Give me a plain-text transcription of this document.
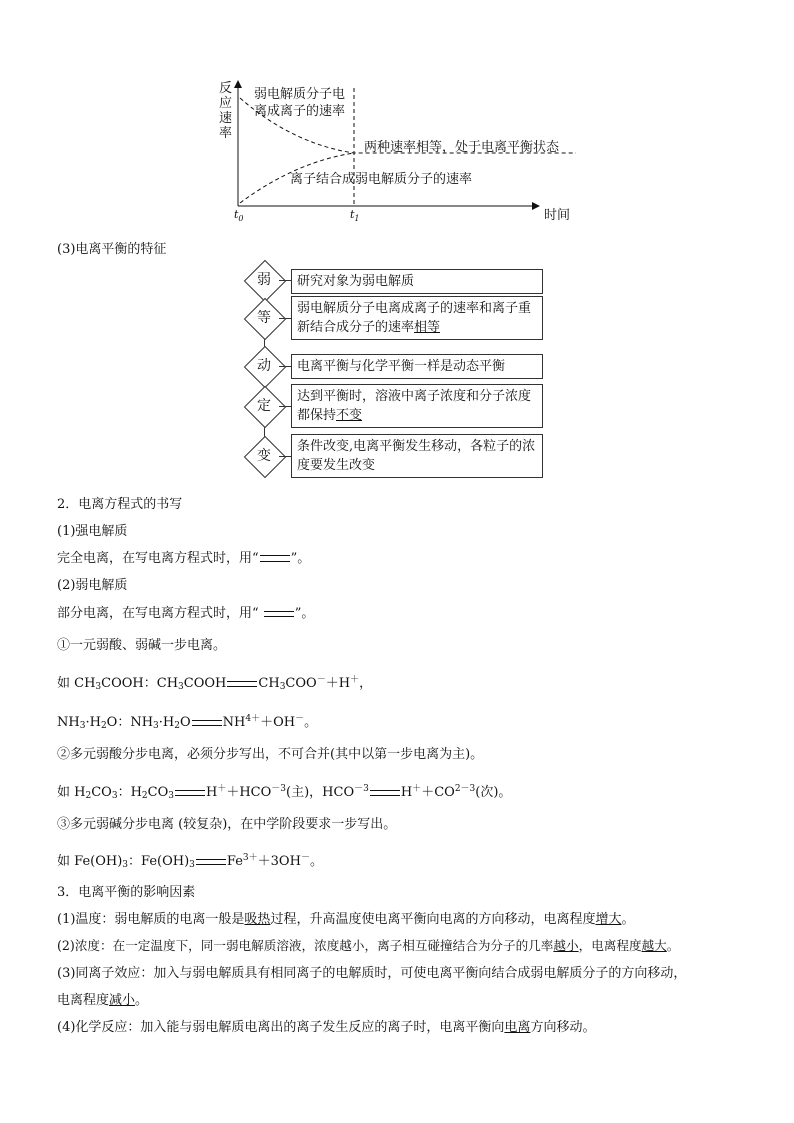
反
应
速
率
弱电解质分子电
离成离子的速率
两种速率相等，处于电离平衡状态
离子结合成弱电解质分子的速率
$t_0$	$t_1$	时间
(3)电离平衡的特征
弱	研究对象为弱电解质
等
弱电解质分子电离成离子的速率和离子重新结合成分子的速率相等
动	电离平衡与化学平衡一样是动态平衡
定
达到平衡时，溶液中离子浓度和分子浓度都保持不变
变
条件改变,电离平衡发生移动，各粒子的浓度要发生改变
2．电离方程式的书写
(1)强电解质
完全电离，在写电离方程式时，用“ ”。
(2)弱电解质
部分电离，在写电离方程式时，用“ ”。
①一元弱酸、弱碱一步电离。
如 $CH_3COOH$：$CH_3COOH$ $CH_3COO^-+H^+$，
$NH_3\cdot H_2O$：$NH_3\cdot H_2O$ $NH^{4+}+OH^-$。
②多元弱酸分步电离，必须分步写出，不可合并(其中以第一步电离为主)。
如 $H_2CO_3$：$H_2CO_3$ $H^++HCO^{-3}$(主)，$HCO^{-3}$ $H^++CO^{2-3}$(次)。
③多元弱碱分步电离 (较复杂)，在中学阶段要求一步写出。
如 $Fe(OH)_3$：$Fe(OH)_3$ $Fe^{3+}+3OH^-$。
3．电离平衡的影响因素
(1)温度：弱电解质的电离一般是吸热过程，升高温度使电离平衡向电离的方向移动，电离程度增大。
(2)浓度：在一定温度下，同一弱电解质溶液，浓度越小，离子相互碰撞结合为分子的几率越小，电离程度越大。
(3)同离子效应：加入与弱电解质具有相同离子的电解质时，可使电离平衡向结合成弱电解质分子的方向移动，
电离程度减小。
(4)化学反应：加入能与弱电解质电离出的离子发生反应的离子时，电离平衡向电离方向移动。
